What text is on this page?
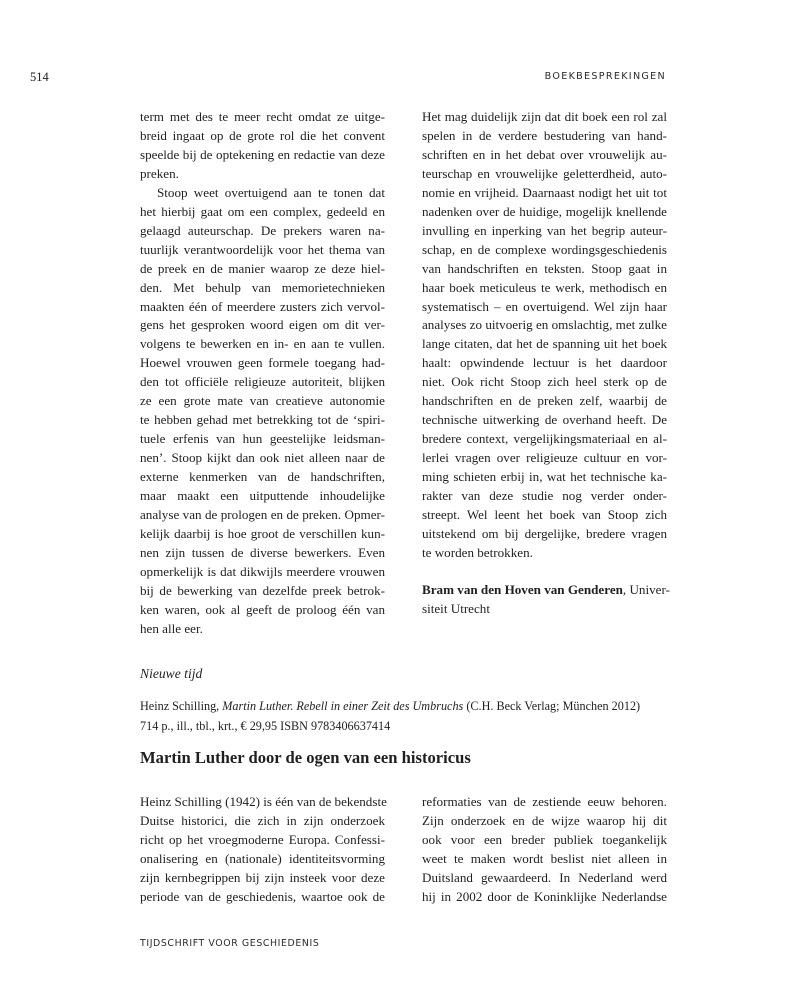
514	BOEKBESPREKINGEN

term met des te meer recht omdat ze uitge-
breid ingaat op de grote rol die het convent
speelde bij de optekening en redactie van deze
preken.

Stoop weet overtuigend aan te tonen dat
het hierbij gaat om een complex, gedeeld en
gelaagd auteurschap. De prekers waren na-
tuurlijk verantwoordelijk voor het thema van
de preek en de manier waarop ze deze hiel-
den. Met behulp van memorietechnieken
maakten één of meerdere zusters zich vervol-
gens het gesproken woord eigen om dit ver-
volgens te bewerken en in- en aan te vullen.
Hoewel vrouwen geen formele toegang had-
den tot officiële religieuze autoriteit, blijken
ze een grote mate van creatieve autonomie
te hebben gehad met betrekking tot de ‘spiri-
tuele erfenis van hun geestelijke leidsman-
nen’. Stoop kijkt dan ook niet alleen naar de
externe kenmerken van de handschriften,
maar maakt een uitputtende inhoudelijke
analyse van de prologen en de preken. Opmer-
kelijk daarbij is hoe groot de verschillen kun-
nen zijn tussen de diverse bewerkers. Even
opmerkelijk is dat dikwijls meerdere vrouwen
bij de bewerking van dezelfde preek betrok-
ken waren, ook al geeft de proloog één van
hen alle eer.

Het mag duidelijk zijn dat dit boek een rol zal
spelen in de verdere bestudering van hand-
schriften en in het debat over vrouwelijk au-
teurschap en vrouwelijke geletterdheid, auto-
nomie en vrijheid. Daarnaast nodigt het uit tot
nadenken over de huidige, mogelijk knellende
invulling en inperking van het begrip auteur-
schap, en de complexe wordingsgeschiedenis
van handschriften en teksten. Stoop gaat in
haar boek meticuleus te werk, methodisch en
systematisch – en overtuigend. Wel zijn haar
analyses zo uitvoerig en omslachtig, met zulke
lange citaten, dat het de spanning uit het boek
haalt: opwindende lectuur is het daardoor
niet. Ook richt Stoop zich heel sterk op de
handschriften en de preken zelf, waarbij de
technische uitwerking de overhand heeft. De
bredere context, vergelijkingsmateriaal en al-
lerlei vragen over religieuze cultuur en vor-
ming schieten erbij in, wat het technische ka-
rakter van deze studie nog verder onder-
streept. Wel leent het boek van Stoop zich
uitstekend om bij dergelijke, bredere vragen
te worden betrokken.

Bram van den Hoven van Genderen, Univer-
siteit Utrecht

Nieuwe tijd

Heinz Schilling, Martin Luther. Rebell in einer Zeit des Umbruchs (C.H. Beck Verlag; München 2012)

714 p., ill., tbl., krt., € 29,95 ISBN 9783406637414

Martin Luther door de ogen van een historicus

Heinz Schilling (1942) is één van de bekendste
Duitse historici, die zich in zijn onderzoek
richt op het vroegmoderne Europa. Confessi-
onalisering en (nationale) identiteitsvorming
zijn kernbegrippen bij zijn insteek voor deze
periode van de geschiedenis, waartoe ook de

reformaties van de zestiende eeuw behoren.
Zijn onderzoek en de wijze waarop hij dit
ook voor een breder publiek toegankelijk
weet te maken wordt beslist niet alleen in
Duitsland gewaardeerd. In Nederland werd
hij in 2002 door de Koninklijke Nederlandse

TIJDSCHRIFT VOOR GESCHIEDENIS
